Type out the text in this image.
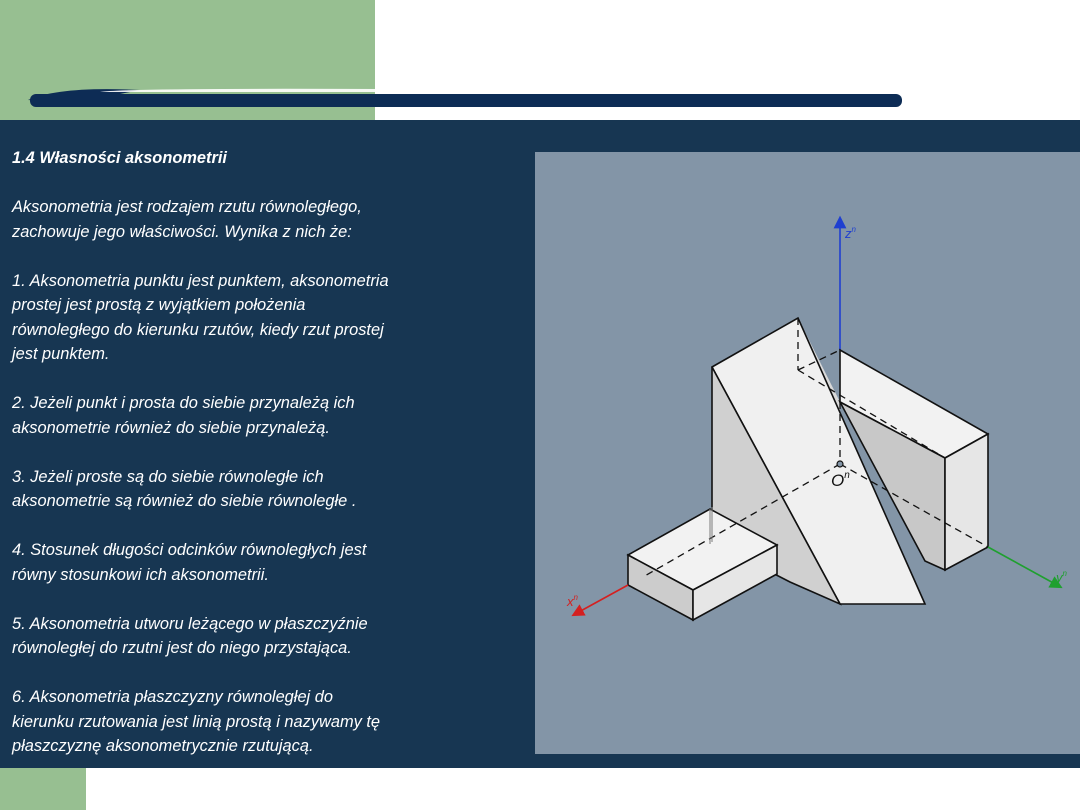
1.4 Własności aksonometrii

Aksonometria jest rodzajem rzutu równoległego,
zachowuje jego właściwości. Wynika z nich że:

1. Aksonometria punktu jest punktem, aksonometria
prostej jest prostą z wyjątkiem położenia
równoległego do kierunku rzutów, kiedy rzut prostej
jest punktem.

2. Jeżeli punkt i prosta do siebie przynależą ich
aksonometrie również do siebie przynależą.

3. Jeżeli proste są do siebie równoległe ich
aksonometrie są również do siebie równoległe .

4. Stosunek długości odcinków równoległych jest
równy stosunkowi ich aksonometrii.

5. Aksonometria utworu leżącego w płaszczyźnie
równoległej do rzutni jest do niego przystająca.

6. Aksonometria płaszczyzny równoległej do
kierunku rzutowania jest linią prostą i nazywamy tę
płaszczyznę aksonometrycznie rzutującą.

$z^n$
$O^n$
$x^n$
$y^n$
